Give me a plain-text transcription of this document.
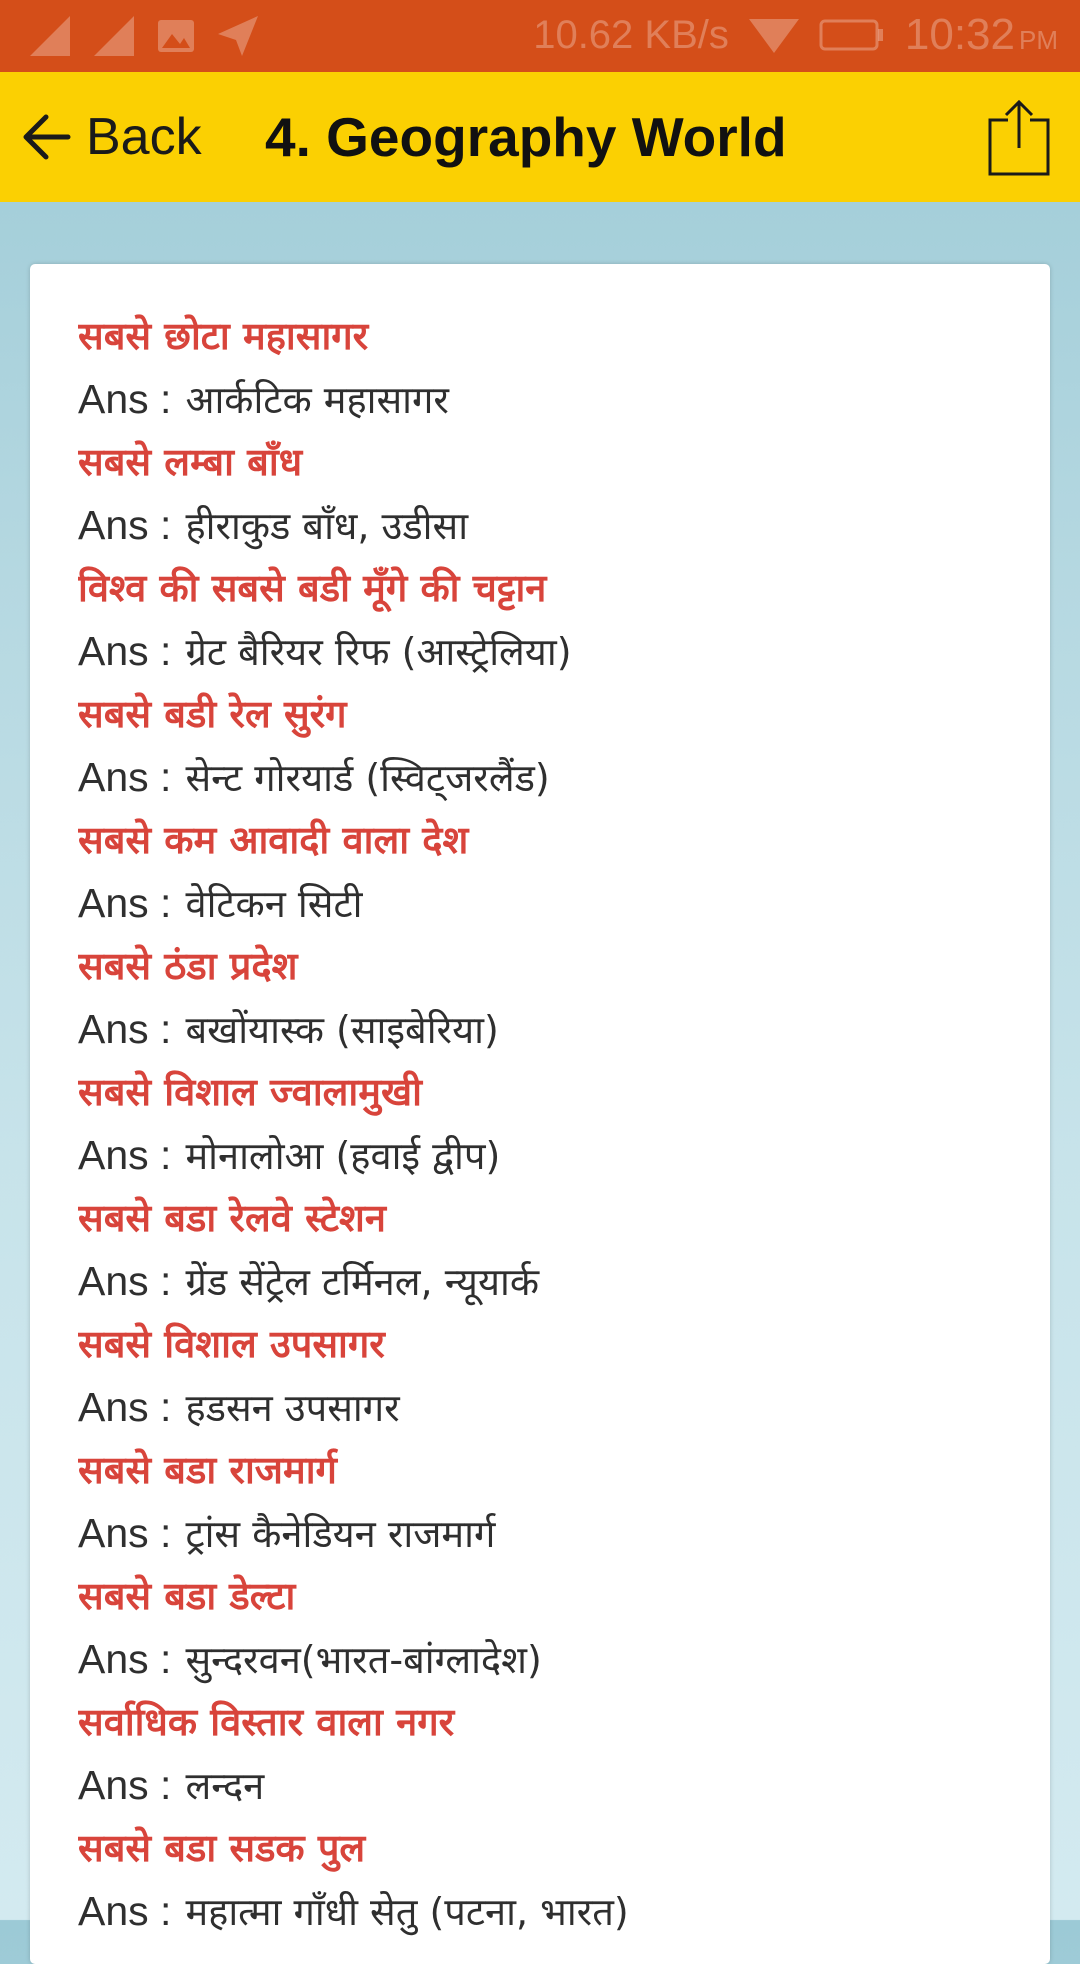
10.62 KB/s	10:32 PM
Back 4. Geography World
सबसे छोटा महासागर
Ans : आर्कटिक महासागर
सबसे लम्बा बाँध
Ans : हीराकुड बाँध, उडीसा
विश्व की सबसे बडी मूँगे की चट्टान
Ans : ग्रेट बैरियर रिफ (आस्ट्रेलिया)
सबसे बडी रेल सुरंग
Ans : सेन्ट गोरयार्ड (स्विट्जरलैंड)
सबसे कम आवादी वाला देश
Ans : वेटिकन सिटी
सबसे ठंडा प्रदेश
Ans : बखोंयास्क (साइबेरिया)
सबसे विशाल ज्वालामुखी
Ans : मोनालोआ (हवाई द्वीप)
सबसे बडा रेलवे स्टेशन
Ans : ग्रेंड सेंट्रेल टर्मिनल, न्यूयार्क
सबसे विशाल उपसागर
Ans : हडसन उपसागर
सबसे बडा राजमार्ग
Ans : ट्रांस कैनेडियन राजमार्ग
सबसे बडा डेल्टा
Ans : सुन्दरवन(भारत-बांग्लादेश)
सर्वाधिक विस्तार वाला नगर
Ans : लन्दन
सबसे बडा सडक पुल
Ans : महात्मा गाँधी सेतु (पटना, भारत)
